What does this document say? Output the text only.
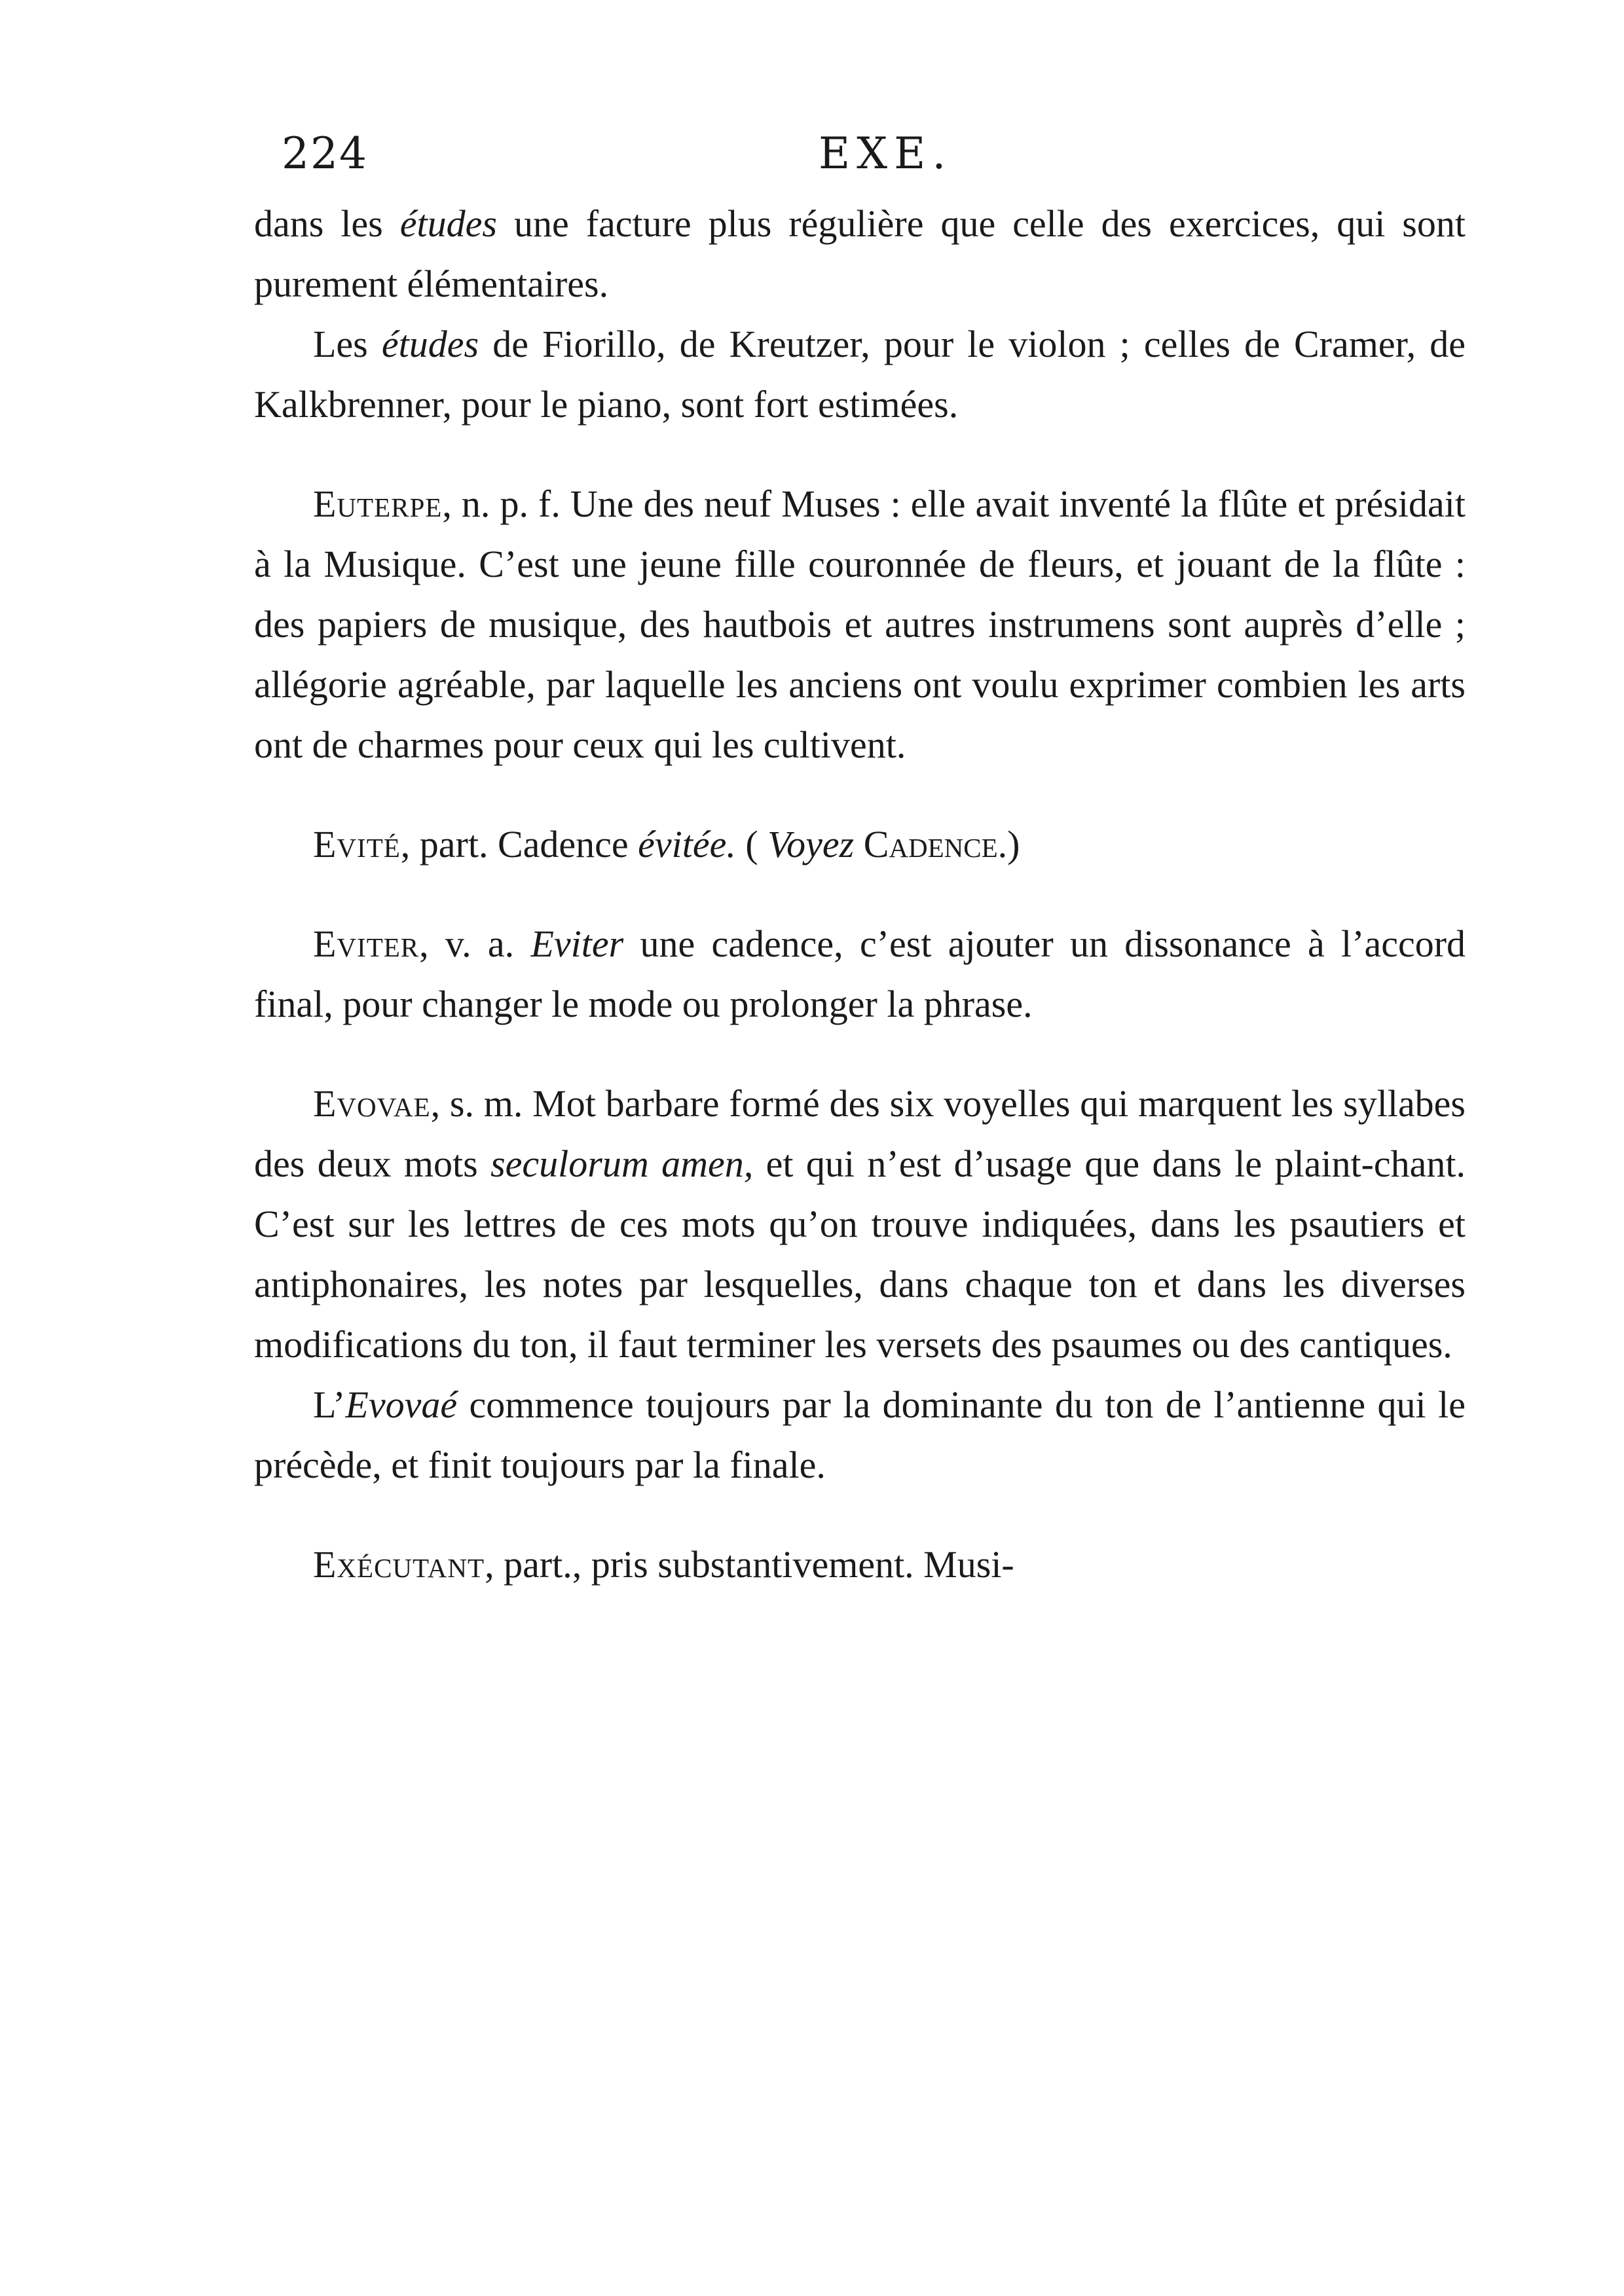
224	EXE.

dans les études une facture plus régulière que celle des exercices, qui sont purement élémentaires.

Les études de Fiorillo, de Kreutzer, pour le violon ; celles de Cramer, de Kalkbrenner, pour le piano, sont fort estimées.

Euterpe, n. p. f. Une des neuf Muses : elle avait inventé la flûte et présidait à la Musique. C’est une jeune fille couronnée de fleurs, et jouant de la flûte : des papiers de musique, des hautbois et autres instrumens sont auprès d’elle ; allégorie agréable, par laquelle les anciens ont voulu exprimer combien les arts ont de charmes pour ceux qui les cultivent.

Evité, part. Cadence évitée. ( Voyez Cadence.)

Eviter, v. a. Eviter une cadence, c’est ajouter un dissonance à l’accord final, pour changer le mode ou prolonger la phrase.

Evovae, s. m. Mot barbare formé des six voyelles qui marquent les syllabes des deux mots seculorum amen, et qui n’est d’usage que dans le plaint-chant. C’est sur les lettres de ces mots qu’on trouve indiquées, dans les psautiers et antiphonaires, les notes par lesquelles, dans chaque ton et dans les diverses modifications du ton, il faut terminer les versets des psaumes ou des cantiques.

L’Evovaé commence toujours par la dominante du ton de l’antienne qui le précède, et finit toujours par la finale.

Exécutant, part., pris substantivement. Musi-
